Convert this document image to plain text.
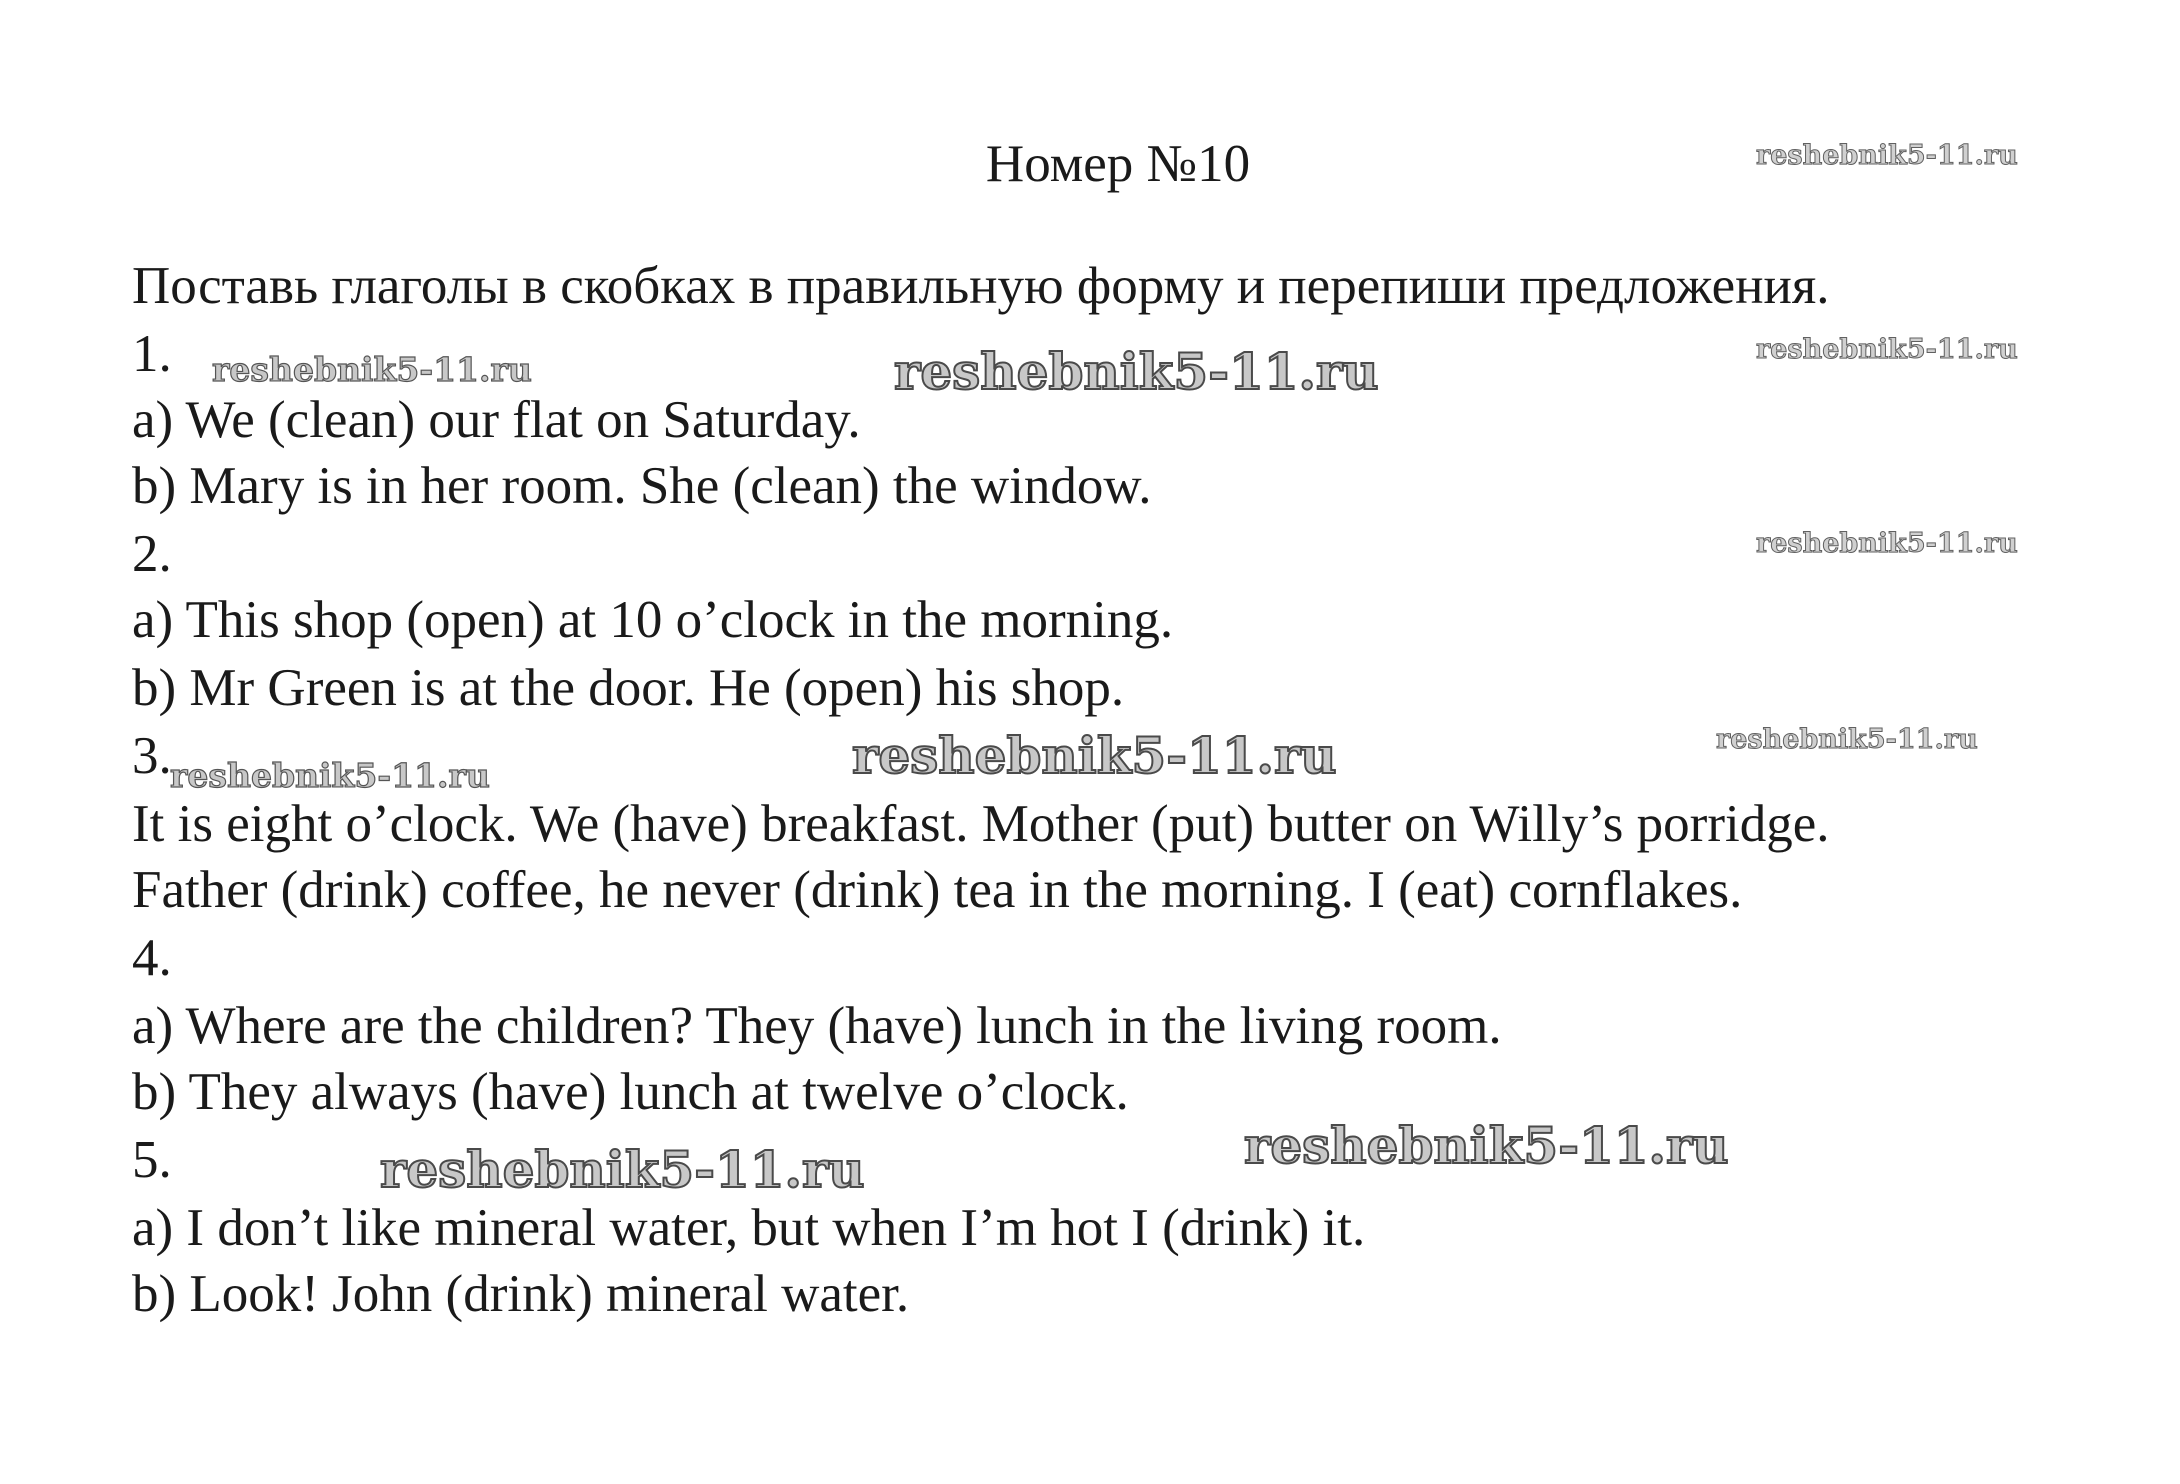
Номер №10
Поставь глаголы в скобках в правильную форму и перепиши предложения.
1.
a) We (clean) our flat on Saturday.
b) Mary is in her room. She (clean) the window.
2.
a) This shop (open) at 10 o’clock in the morning.
b) Mr Green is at the door. He (open) his shop.
3.
It is eight o’clock. We (have) breakfast. Mother (put) butter on Willy’s porridge.
Father (drink) coffee, he never (drink) tea in the morning. I (eat) cornflakes.
4.
a) Where are the children? They (have) lunch in the living room.
b) They always (have) lunch at twelve o’clock.
5.
a) I don’t like mineral water, but when I’m hot I (drink) it.
b) Look! John (drink) mineral water.
reshebnik5-11.ru
reshebnik5-11.ru
reshebnik5-11.ru
reshebnik5-11.ru
reshebnik5-11.ru
reshebnik5-11.ru
reshebnik5-11.ru
reshebnik5-11.ru
reshebnik5-11.ru	reshebnik5-11.ru
